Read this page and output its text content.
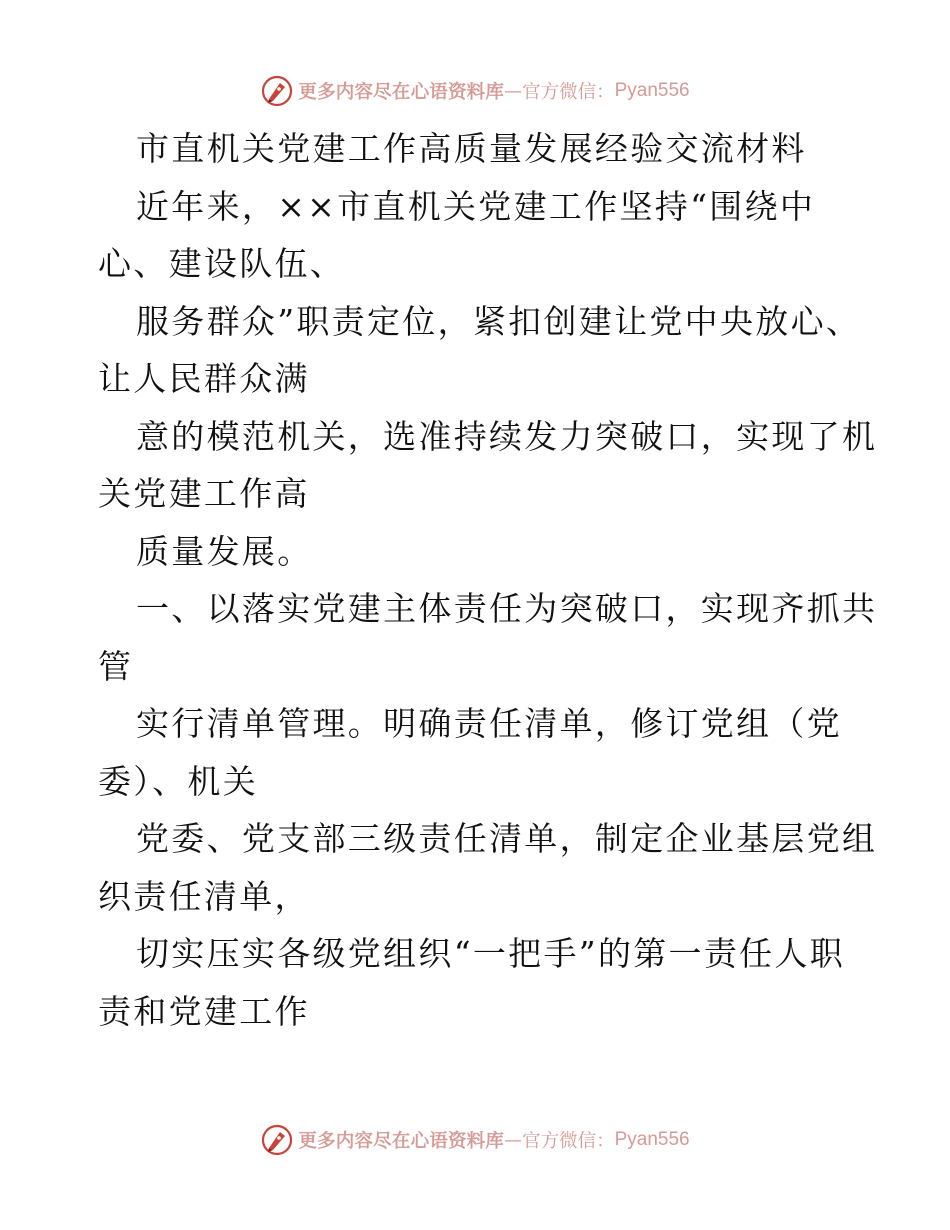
更多内容尽在心语资料库 — 官方微信： Pyan556
市直机关党建工作高质量发展经验交流材料
近年来，××市直机关党建工作坚持“围绕中
心、建设队伍、
服务群众”职责定位，紧扣创建让党中央放心、
让人民群众满
意的模范机关，选准持续发力突破口，实现了机
关党建工作高
质量发展。
一、以落实党建主体责任为突破口，实现齐抓共
管
实行清单管理。明确责任清单，修订党组（党
委）、机关
党委、党支部三级责任清单，制定企业基层党组
织责任清单，
切实压实各级党组织“一把手”的第一责任人职
责和党建工作
更多内容尽在心语资料库 — 官方微信： Pyan556
